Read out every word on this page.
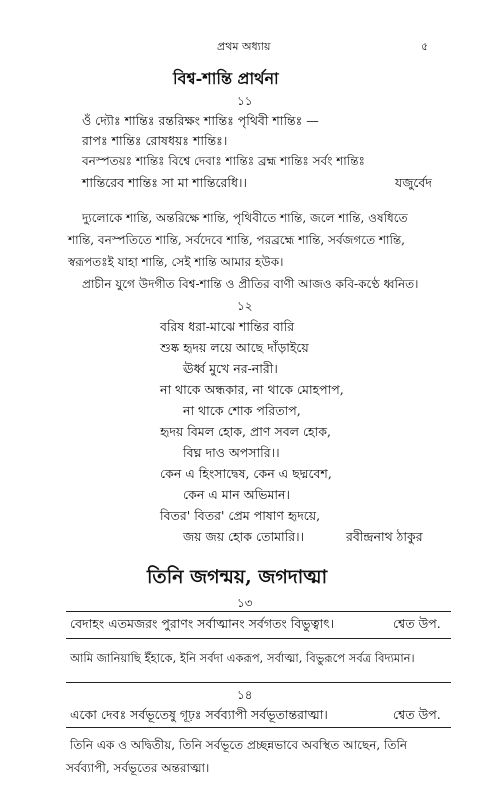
প্রথম অধ্যায়	৫
বিশ্ব-শান্তি প্রার্থনা
১১
ওঁ দ্যৌঃ শান্তিঃ রন্তরিক্ষং শান্তিঃ পৃথিবী শান্তিঃ —
রাপঃ শান্তিঃ রোষধয়ঃ শান্তিঃ।
বনস্পতয়ঃ শান্তিঃ বিশ্বে দেবাঃ শান্তিঃ ব্রহ্ম শান্তিঃ সর্বং শান্তিঃ
শান্তিরেব শান্তিঃ সা মা শান্তিরেধি।।	যজুর্বেদ
দ্যুলোকে শান্তি, অন্তরিক্ষে শান্তি, পৃথিবীতে শান্তি, জলে শান্তি, ওষধিতে
শান্তি, বনস্পতিতে শান্তি, সর্বদেবে শান্তি, পরব্রহ্মে শান্তি, সর্বজগতে শান্তি,
স্বরূপতঃই যাহা শান্তি, সেই শান্তি আমার হউক।
প্রাচীন যুগে উদগীত বিশ্ব-শান্তি ও প্রীতির বাণী আজও কবি-কণ্ঠে ধ্বনিত।
১২
বরিষ ধরা-মাঝে শান্তির বারি
শুষ্ক হৃদয় লয়ে আছে দাঁড়াইয়ে
ঊর্ধ্ব মুখে নর-নারী।
না থাকে অন্ধকার, না থাকে মোহপাপ,
না থাকে শোক পরিতাপ,
হৃদয় বিমল হোক, প্রাণ সবল হোক,
বিঘ্ন দাও অপসারি।।
কেন এ হিংসাদ্বেষ, কেন এ ছদ্মবেশ,
কেন এ মান অভিমান।
বিতর' বিতর' প্রেম পাষাণ হৃদয়ে,
জয় জয় হোক তোমারি।।	রবীন্দ্রনাথ ঠাকুর
তিনি জগন্ময়, জগদাত্মা
১৩
বেদাহং এতমজরং পুরাণং সর্বাত্মানং সর্বগতং বিভুত্বাৎ।	শ্বেত উপ.
আমি জানিয়াছি ইঁহাকে, ইনি সর্বদা একরূপ, সর্বাত্মা, বিভুরূপে সর্বত্র বিদ্যমান।
১৪
একো দেবঃ সর্বভূতেষু গূঢ়ঃ সর্বব্যাপী সর্বভূতান্তরাত্মা।	শ্বেত উপ.
তিনি এক ও অদ্বিতীয়, তিনি সর্বভূতে প্রচ্ছন্নভাবে অবস্থিত আছেন, তিনি
সর্বব্যাপী, সর্বভূতের অন্তরাত্মা।
